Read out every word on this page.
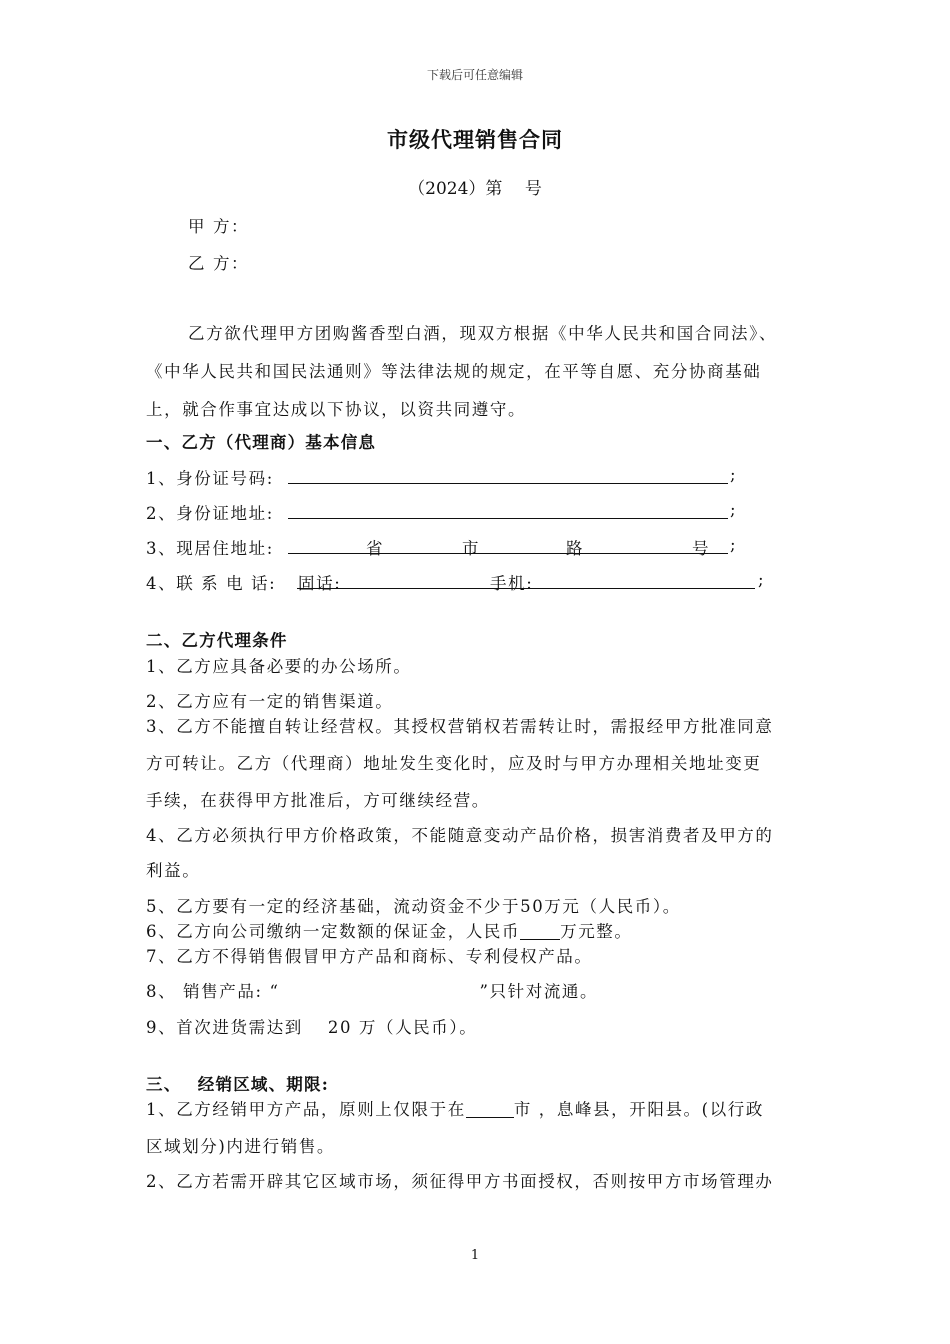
下载后可任意编辑
市级代理销售合同
（2024）第　 号
甲 方：
乙 方：
乙方欲代理甲方团购酱香型白酒，现双方根据《中华人民共和国合同法》、
《中华人民共和国民法通则》等法律法规的规定，在平等自愿、充分协商基础
上，就合作事宜达成以下协议，以资共同遵守。
一、乙方（代理商）基本信息
1、身份证号码:	;
2、身份证地址:	;
3、现居住地址:	省	市	路	号 ;
4、联 系 电 话: 固话:	手机:	;
二、乙方代理条件
1、乙方应具备必要的办公场所。
2、乙方应有一定的销售渠道。
3、乙方不能擅自转让经营权。其授权营销权若需转让时，需报经甲方批准同意
方可转让。乙方（代理商）地址发生变化时，应及时与甲方办理相关地址变更
手续，在获得甲方批准后，方可继续经营。
4、乙方必须执行甲方价格政策，不能随意变动产品价格，损害消费者及甲方的
利益。
5、乙方要有一定的经济基础，流动资金不少于50万元（人民币）。
6、乙方向公司缴纳一定数额的保证金，人民币 万元整。
7、乙方不得销售假冒甲方产品和商标、专利侵权产品。
8、 销售产品: “	”只针对流通。
9、首次进货需达到　 20 万（人民币）。
三、　 经销区域、期限:
1、乙方经销甲方产品，原则上仅限于在	市 ，息峰县，开阳县。(以行政
区域划分)内进行销售。
2、乙方若需开辟其它区域市场，须征得甲方书面授权，否则按甲方市场管理办
1
